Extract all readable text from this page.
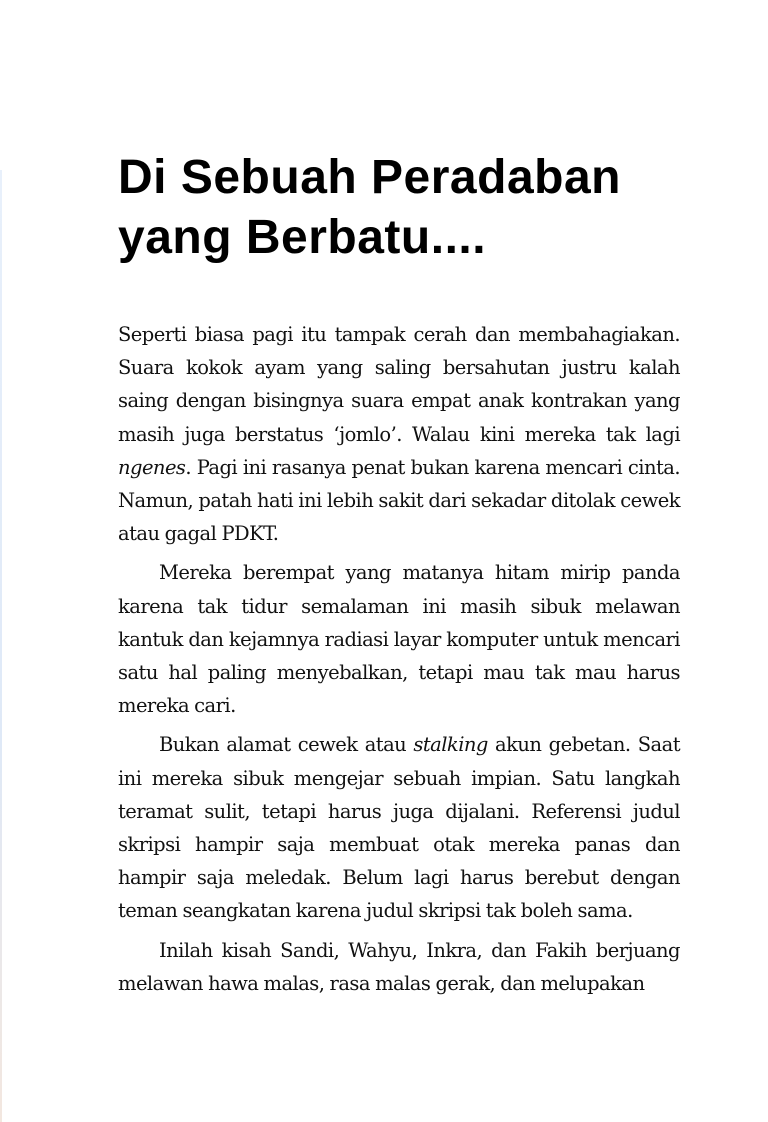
Di Sebuah Peradaban
yang Berbatu....

Seperti biasa pagi itu tampak cerah dan membahagiakan. Suara kokok ayam yang saling bersahutan justru kalah saing dengan bisingnya suara empat anak kontrakan yang masih juga berstatus ‘jomlo’. Walau kini mereka tak lagi ngenes. Pagi ini rasanya penat bukan karena mencari cinta. Namun, patah hati ini lebih sakit dari sekadar ditolak cewek atau gagal PDKT.

Mereka berempat yang matanya hitam mirip panda karena tak tidur semalaman ini masih sibuk melawan kantuk dan kejamnya radiasi layar komputer untuk mencari satu hal paling menyebalkan, tetapi mau tak mau harus mereka cari.

Bukan alamat cewek atau stalking akun gebetan. Saat ini mereka sibuk mengejar sebuah impian. Satu langkah teramat sulit, tetapi harus juga dijalani. Referensi judul skripsi hampir saja membuat otak mereka panas dan hampir saja meledak. Belum lagi harus berebut dengan teman seangkatan karena judul skripsi tak boleh sama.

Inilah kisah Sandi, Wahyu, Inkra, dan Fakih berjuang melawan hawa malas, rasa malas gerak, dan melupakan
